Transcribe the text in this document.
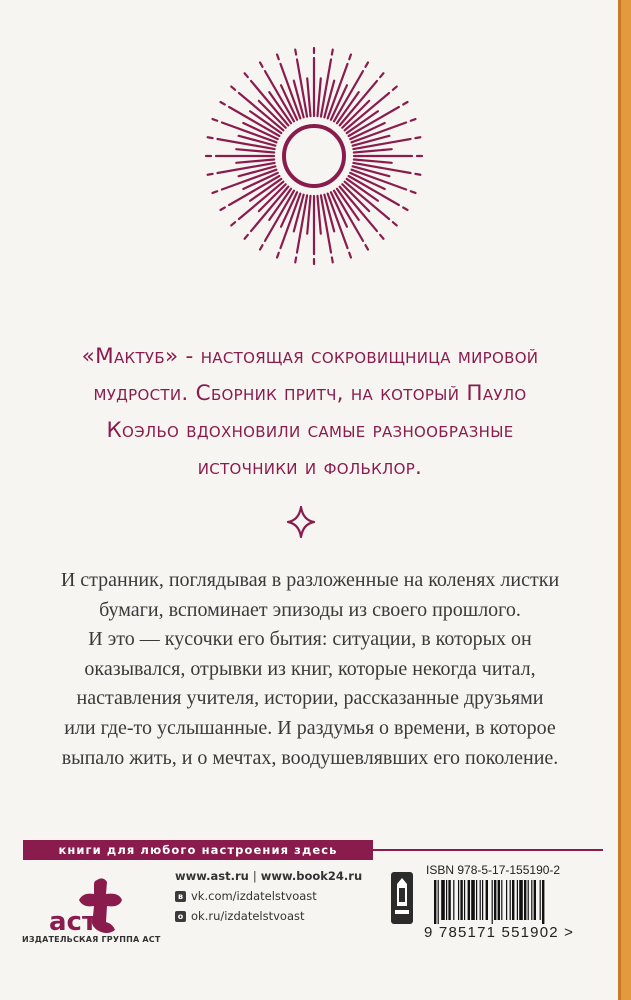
«Мактуб» - настоящая сокровищница мировой
мудрости. Сборник притч, на который Пауло
Коэльо вдохновили самые разнообразные
источники и фольклор.
И странник, поглядывая в разложенные на коленях листки
бумаги, вспоминает эпизоды из своего прошлого.
И это — кусочки его бытия: ситуации, в которых он
оказывался, отрывки из книг, которые некогда читал,
наставления учителя, истории, рассказанные друзьями
или где-то услышанные. И раздумья о времени, в которое
выпало жить, и о мечтах, воодушевлявших его поколение.
книги для любого настроения здесь
аст
ИЗДАТЕЛЬСКАЯ ГРУППА АСТ
www.ast.ru | www.book24.ru
в vk.com/izdatelstvoast
о ok.ru/izdatelstvoast
ISBN 978-5-17-155190-2
9 785171 551902 >
